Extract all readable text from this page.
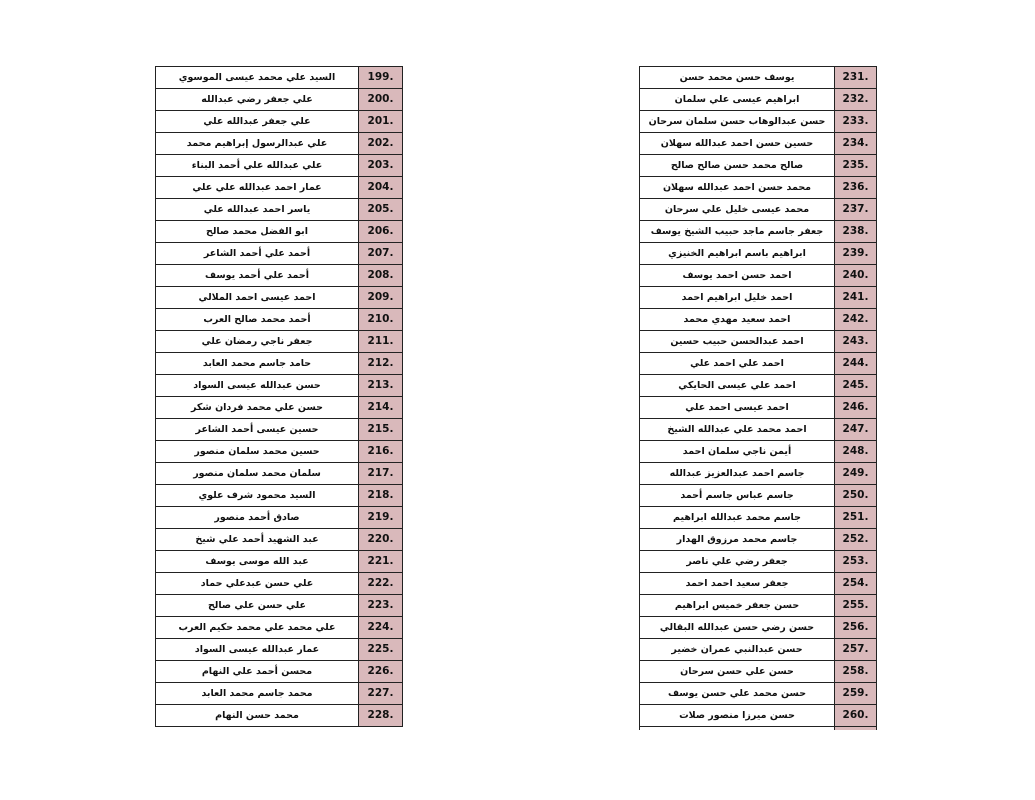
السيد علي محمد عيسى الموسوي	199.
علي جعفر رضي عبدالله	200.
علي جعفر عبدالله علي	201.
علي عبدالرسول إبراهيم محمد	202.
علي عبدالله علي أحمد البناء	203.
عمار احمد عبدالله علي علي	204.
ياسر احمد عبدالله علي	205.
ابو الفضل محمد صالح	206.
أحمد علي أحمد الشاعر	207.
أحمد علي أحمد يوسف	208.
احمد عيسى احمد الملالي	209.
أحمد محمد صالح العرب	210.
جعفر ناجي رمضان علي	211.
حامد جاسم محمد العابد	212.
حسن عبدالله عيسى السواد	213.
حسن علي محمد فردان شكر	214.
حسين عيسى أحمد الشاعر	215.
حسين محمد سلمان منصور	216.
سلمان محمد سلمان منصور	217.
السيد محمود شرف علوي	218.
صادق أحمد منصور	219.
عبد الشهيد أحمد علي شيخ	220.
عبد الله موسى يوسف	221.
علي حسن عبدعلي حماد	222.
علي حسن علي صالح	223.
علي محمد علي محمد حكيم العرب	224.
عمار عبدالله عيسى السواد	225.
محسن أحمد علي النهام	226.
محمد جاسم محمد العابد	227.
محمد حسن النهام	228.
يوسف حسن محمد حسن	231.
ابراهيم عيسى علي سلمان	232.
حسن عبدالوهاب حسن سلمان سرحان	233.
حسين حسن احمد عبدالله سهلان	234.
صالح محمد حسن صالح صالح	235.
محمد حسن احمد عبدالله سهلان	236.
محمد عيسى خليل علي سرحان	237.
جعفر جاسم ماجد حبيب الشيخ يوسف	238.
ابراهيم باسم ابراهيم الخنيزي	239.
احمد حسن احمد يوسف	240.
احمد خليل ابراهيم احمد	241.
احمد سعيد مهدي محمد	242.
احمد عبدالحسن حبيب حسين	243.
احمد علي احمد علي	244.
احمد علي عيسى الحايكي	245.
احمد عيسى احمد علي	246.
احمد محمد علي عبدالله الشيخ	247.
أيمن ناجي سلمان احمد	248.
جاسم احمد عبدالعزيز عبدالله	249.
جاسم عباس جاسم أحمد	250.
جاسم محمد عبدالله ابراهيم	251.
جاسم محمد مرزوق الهدار	252.
جعفر رضي علي ناصر	253.
جعفر سعيد احمد احمد	254.
حسن جعفر خميس ابراهيم	255.
حسن رضي حسن عبدالله البقالي	256.
حسن عبدالنبي عمران خضير	257.
حسن علي حسن سرحان	258.
حسن محمد علي حسن يوسف	259.
حسن ميرزا منصور صلات	260.
